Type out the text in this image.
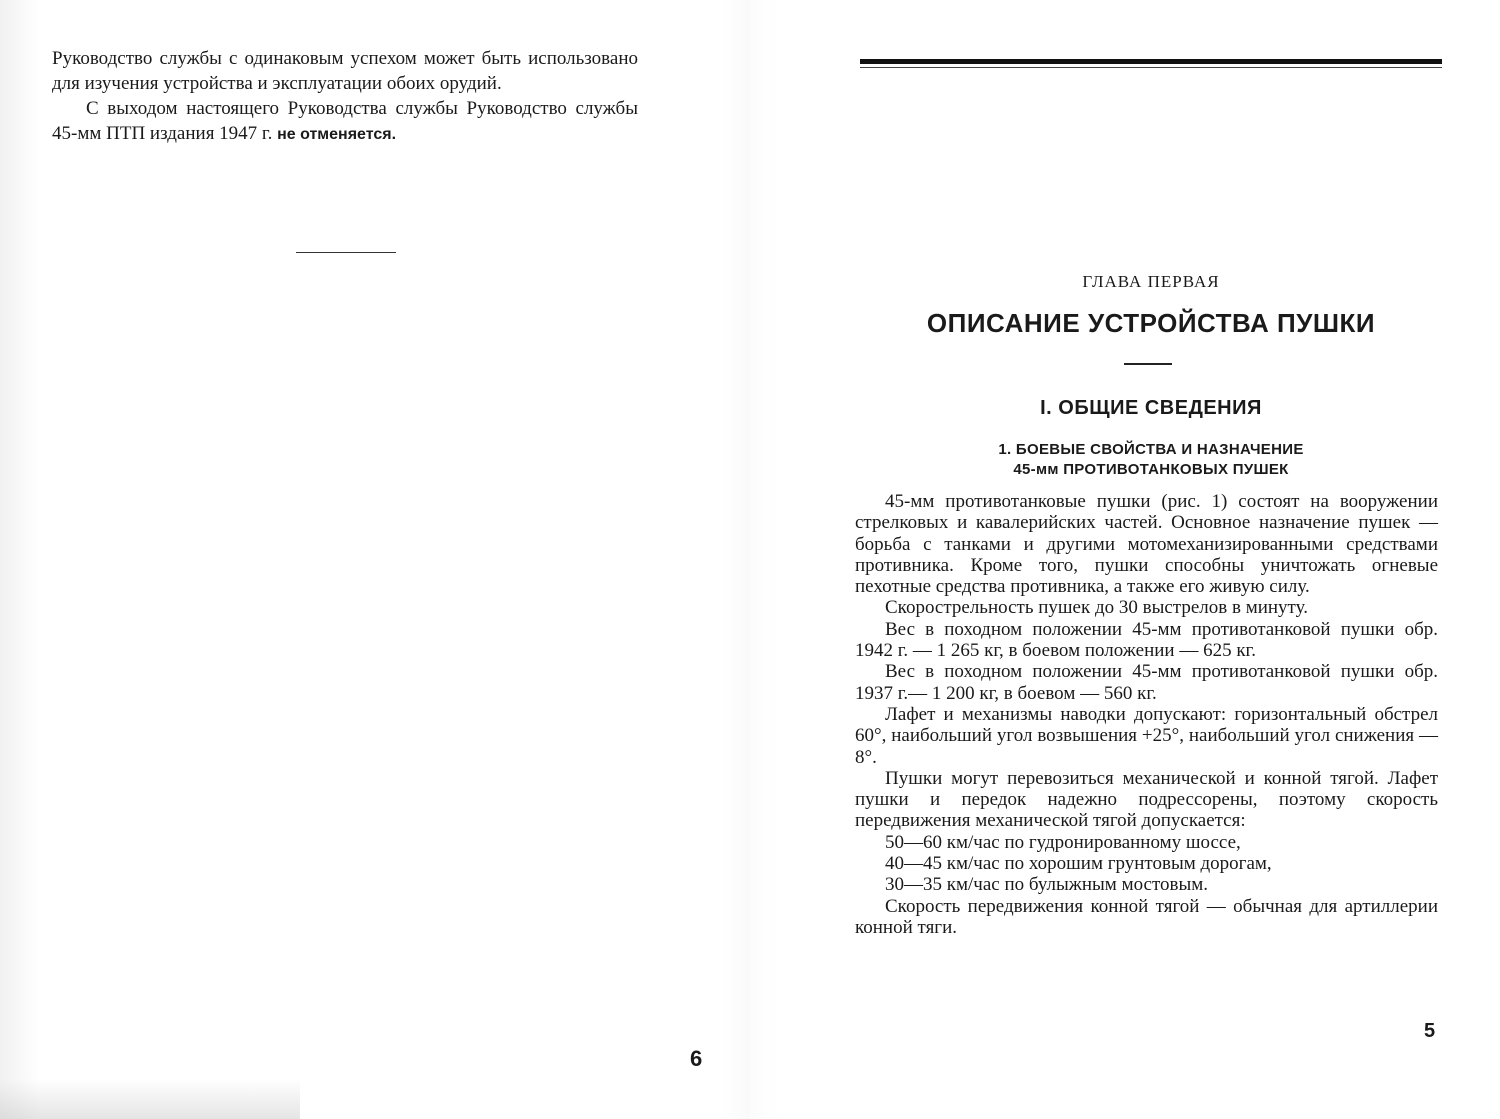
Руководство службы с одинаковым успехом может быть использовано для изучения устройства и эксплуатации обоих орудий.

С выходом настоящего Руководства службы Руководство службы 45-мм ПТП издания 1947 г. не отменяется.

6
ГЛАВА ПЕРВАЯ
ОПИСАНИЕ УСТРОЙСТВА ПУШКИ
I. ОБЩИЕ СВЕДЕНИЯ
1. БОЕВЫЕ СВОЙСТВА И НАЗНАЧЕНИЕ
45-мм ПРОТИВОТАНКОВЫХ ПУШЕК

45-мм противотанковые пушки (рис. 1) состоят на вооружении стрелковых и кавалерийских частей. Основное назначение пушек — борьба с танками и другими мотомеханизированными средствами противника. Кроме того, пушки способны уничтожать огневые пехотные средства противника, а также его живую силу.

Скорострельность пушек до 30 выстрелов в минуту.

Вес в походном положении 45-мм противотанковой пушки обр. 1942 г. — 1 265 кг, в боевом положении — 625 кг.

Вес в походном положении 45-мм противотанковой пушки обр. 1937 г.— 1 200 кг, в боевом — 560 кг.

Лафет и механизмы наводки допускают: горизонтальный обстрел 60°, наибольший угол возвышения +25°, наибольший угол снижения —8°.

Пушки могут перевозиться механической и конной тягой. Лафет пушки и передок надежно подрессорены, поэтому скорость передвижения механической тягой допускается:

50—60 км/час по гудронированному шоссе,

40—45 км/час по хорошим грунтовым дорогам,

30—35 км/час по булыжным мостовым.

Скорость передвижения конной тягой — обычная для артиллерии конной тяги.

5
